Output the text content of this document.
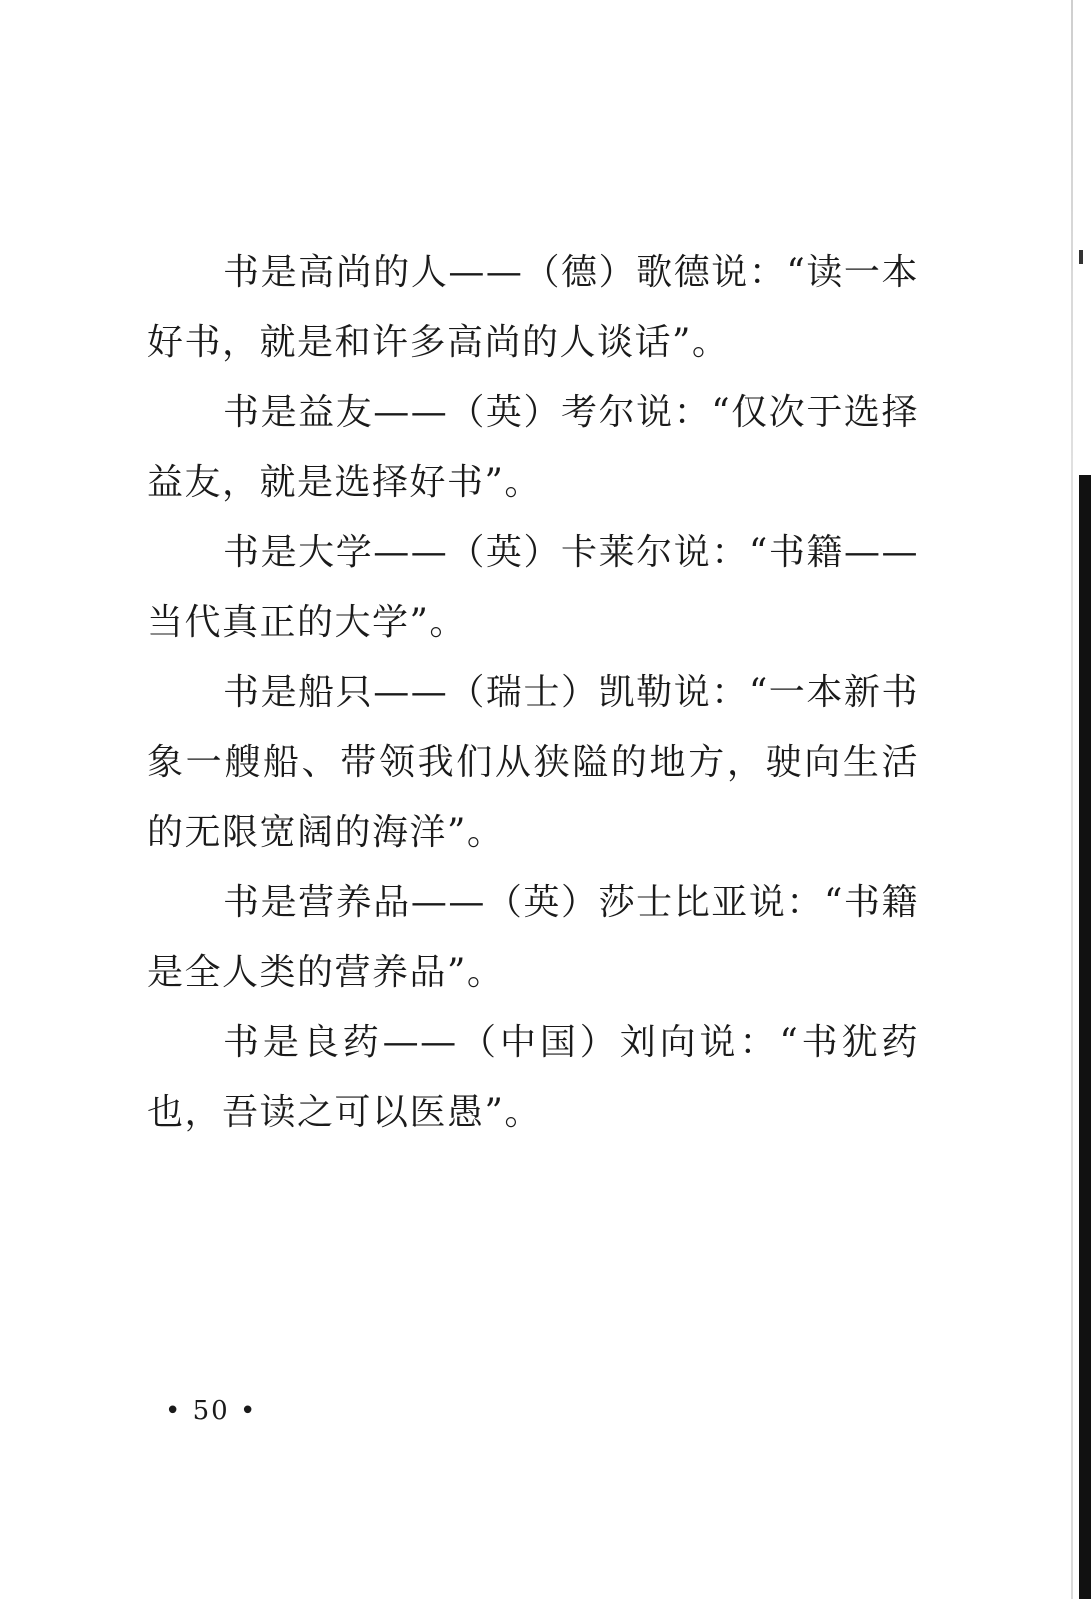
书是高尚的人——（德）歌德说：“读一本好书，就是和许多高尚的人谈话”。

书是益友——（英）考尔说：“仅次于选择益友，就是选择好书”。

书是大学——（英）卡莱尔说：“书籍——当代真正的大学”。

书是船只——（瑞士）凯勒说：“一本新书象一艘船、带领我们从狭隘的地方，驶向生活的无限宽阔的海洋”。

书是营养品——（英）莎士比亚说：“书籍是全人类的营养品”。

书是良药——（中国）刘向说：“书犹药也，吾读之可以医愚”。

• 50 •
